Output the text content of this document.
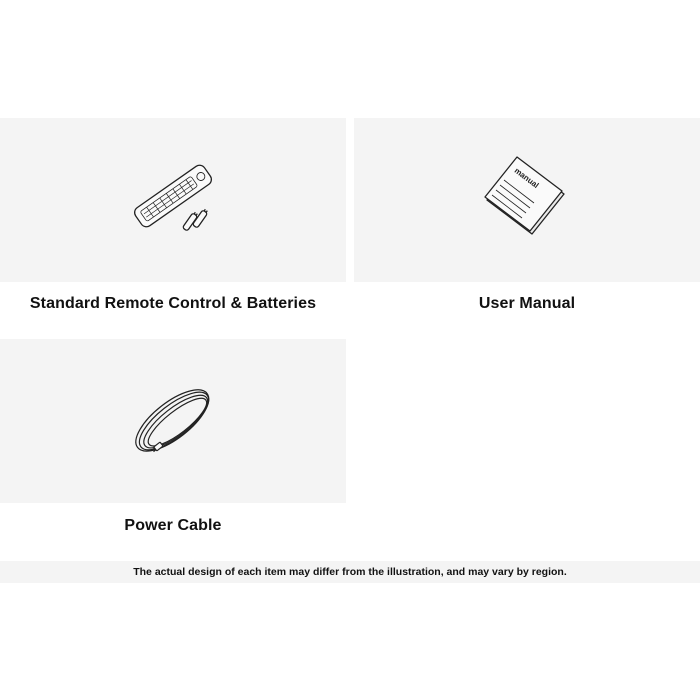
Standard Remote Control & Batteries
manual
User Manual
Power Cable
The actual design of each item may differ from the illustration, and may vary by region.
